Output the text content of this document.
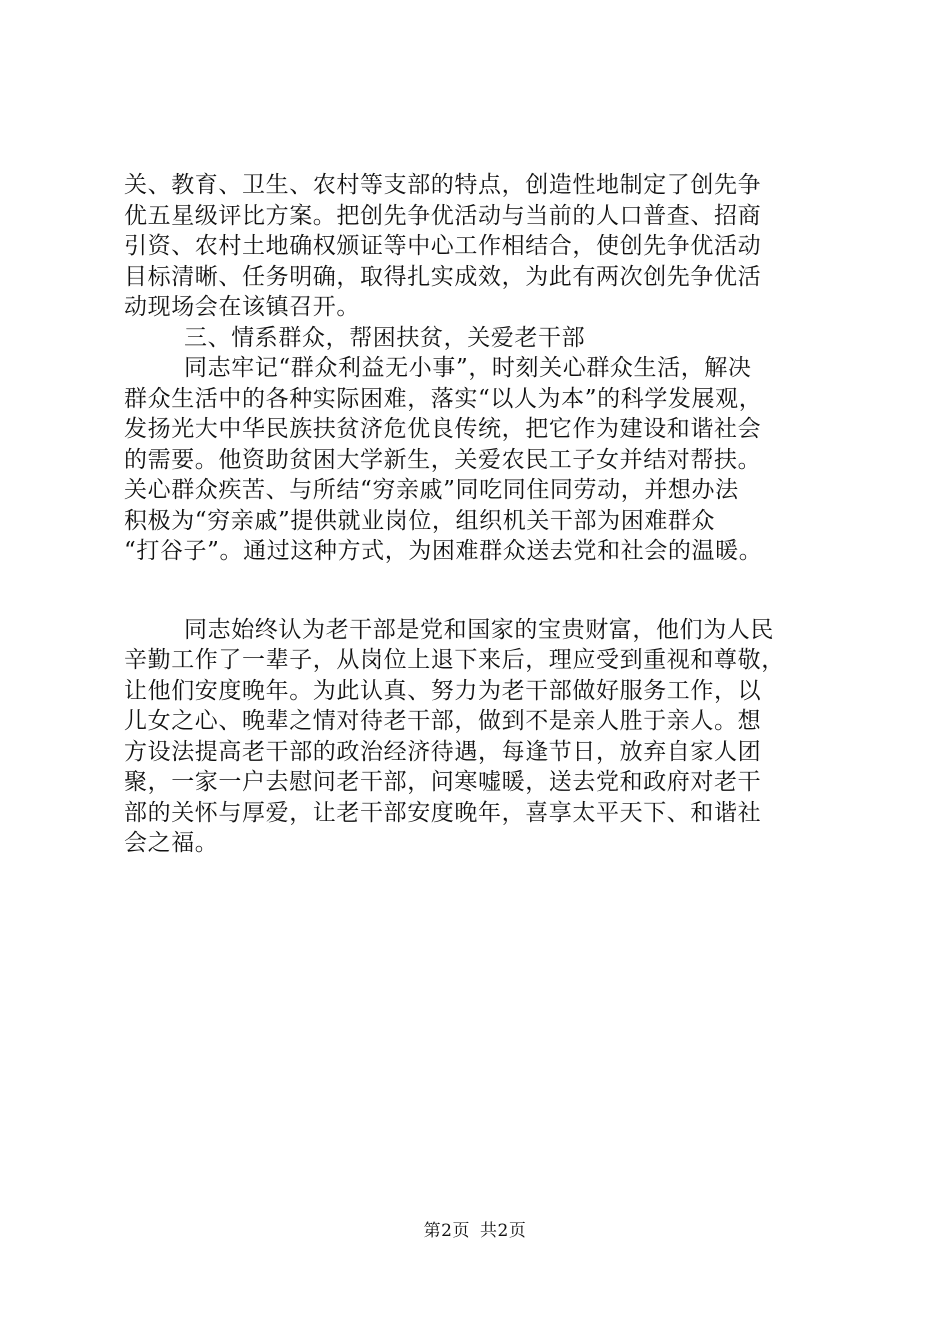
关、教育、卫生、农村等支部的特点，创造性地制定了创先争
优五星级评比方案。把创先争优活动与当前的人口普查、招商
引资、农村土地确权颁证等中心工作相结合，使创先争优活动
目标清晰、任务明确，取得扎实成效，为此有两次创先争优活
动现场会在该镇召开。
三、情系群众，帮困扶贫，关爱老干部
同志牢记“群众利益无小事”，时刻关心群众生活，解决
群众生活中的各种实际困难，落实“以人为本”的科学发展观，
发扬光大中华民族扶贫济危优良传统，把它作为建设和谐社会
的需要。他资助贫困大学新生，关爱农民工子女并结对帮扶。
关心群众疾苦、与所结“穷亲戚”同吃同住同劳动，并想办法
积极为“穷亲戚”提供就业岗位，组织机关干部为困难群众
“打谷子”。通过这种方式，为困难群众送去党和社会的温暖。
同志始终认为老干部是党和国家的宝贵财富，他们为人民
辛勤工作了一辈子，从岗位上退下来后，理应受到重视和尊敬，
让他们安度晚年。为此认真、努力为老干部做好服务工作，以
儿女之心、晚辈之情对待老干部，做到不是亲人胜于亲人。想
方设法提高老干部的政治经济待遇，每逢节日，放弃自家人团
聚，一家一户去慰问老干部，问寒嘘暖，送去党和政府对老干
部的关怀与厚爱，让老干部安度晚年，喜享太平天下、和谐社
会之福。
第2页 共2页
